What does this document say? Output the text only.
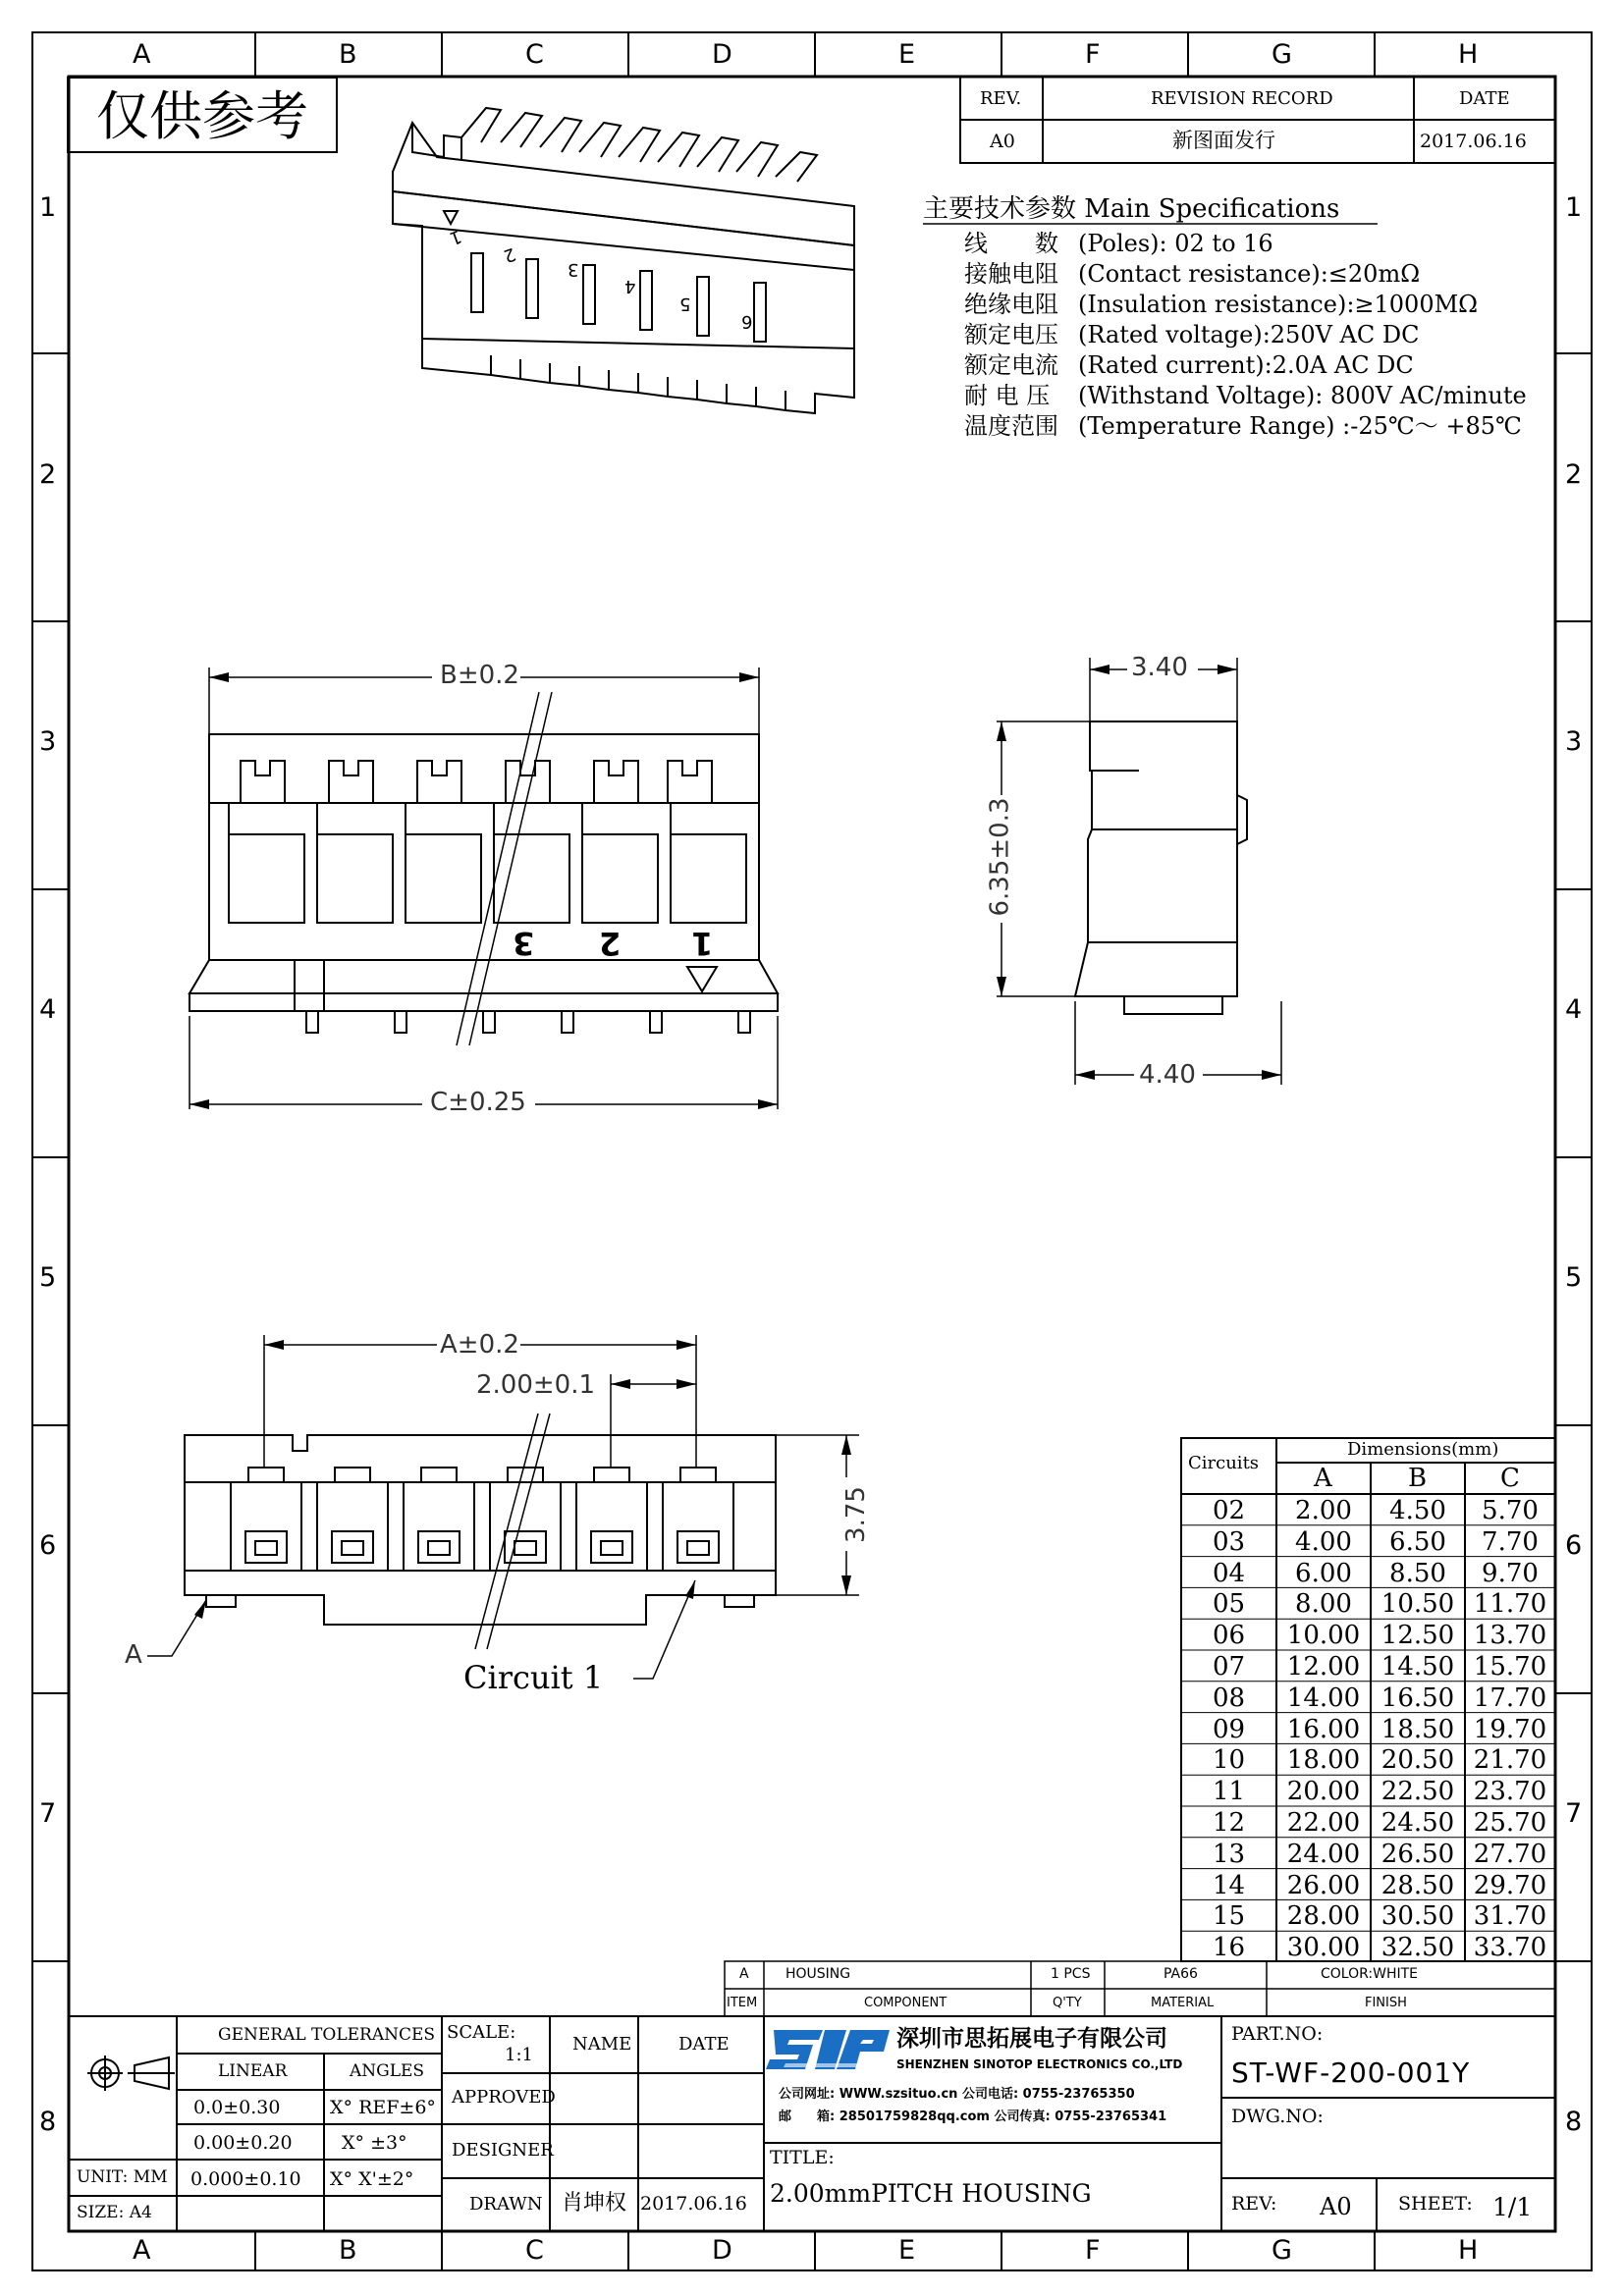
A	B	C	D	E	F	G	H
A	B	C	D	E	F	G	H
1
2
3
4
5
6
7
8
1
2
3
4
5
6
7
8
仅供参考	REV.	REVISION RECORD	DATE
A0	新图面发行	2017.06.16
主要技术参数 Main Specifications
线　　数 (Poles): 02 to 16
接触电阻 (Contact resistance):≤20mΩ
绝缘电阻 (Insulation resistance):≥1000MΩ
额定电压 (Rated voltage):250V AC DC
额定电流 (Rated current):2.0A AC DC
耐 电 压 (Withstand Voltage): 800V AC/minute
温度范围 (Temperature Range) :-25℃～ +85℃
1
2
3
4
5
6
B±0.2
C±0.25
3 2 1
3.40
6.35±0.3
4.40
A±0.2
2.00±0.1
3.75
A
Circuit 1
Circuits
Dimensions(mm)
A	B	C
02	2.00	4.50	5.70
03	4.00	6.50	7.70
04	6.00	8.50	9.70
05	8.00	10.50 11.70
06	10.00 12.50 13.70
07	12.00 14.50 15.70
08	14.00 16.50 17.70
09	16.00 18.50 19.70
10	18.00 20.50 21.70
11	20.00 22.50 23.70
12	22.00 24.50 25.70
13	24.00 26.50 27.70
14	26.00 28.50 29.70
15	28.00 30.50 31.70
16	30.00 32.50 33.70
A	HOUSING	1 PCS	PA66	COLOR:WHITE
ITEM	COMPONENT	Q'TY	MATERIAL	FINISH
GENERAL TOLERANCES
LINEAR	ANGLES
0.0±0.30	X° REF±6°
0.00±0.20	X° ±3°
0.000±0.10 X° X'±2°
UNIT: MM
SIZE: A4
SCALE:
1:1
NAME	DATE
APPROVED
DESIGNER
DRAWN 肖坤权 2017.06.16
深圳市思拓展电子有限公司
SHENZHEN SINOTOP ELECTRONICS CO.,LTD
公司网址: WWW.szsituo.cn 公司电话: 0755-23765350
邮　　箱: 28501759828qq.com 公司传真: 0755-23765341
TITLE:
2.00mmPITCH HOUSING
PART.NO:
ST-WF-200-001Y
DWG.NO:
REV: A0 SHEET: 1/1
